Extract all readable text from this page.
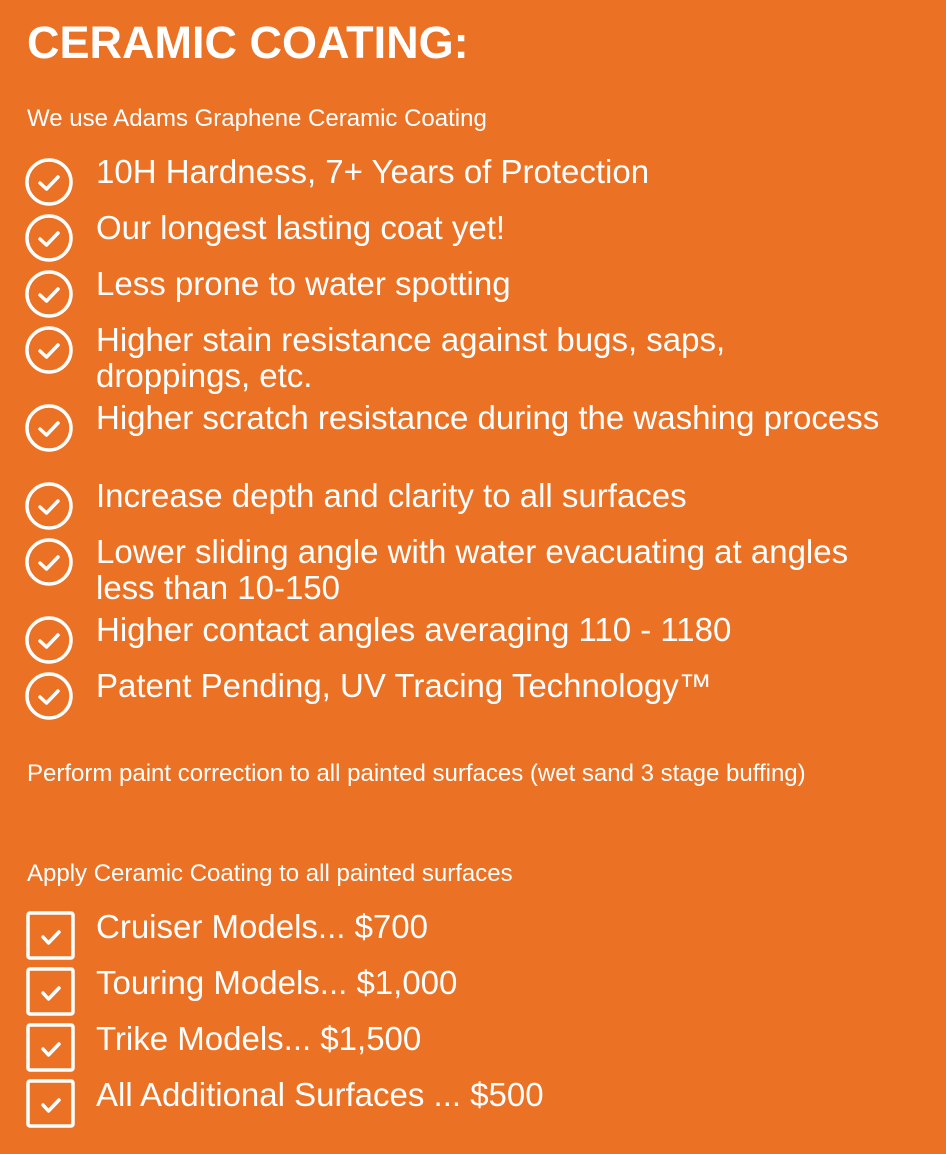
CERAMIC COATING:

We use Adams Graphene Ceramic Coating

10H Hardness, 7+ Years of Protection
Our longest lasting coat yet!
Less prone to water spotting
Higher stain resistance against bugs, saps, droppings, etc.
Higher scratch resistance during the washing process
Increase depth and clarity to all surfaces
Lower sliding angle with water evacuating at angles less than 10-150
Higher contact angles averaging 110 - 1180
Patent Pending, UV Tracing Technology™

Perform paint correction to all painted surfaces (wet sand 3 stage buffing)

Apply Ceramic Coating to all painted surfaces

Cruiser Models... $700
Touring Models... $1,000
Trike Models... $1,500
All Additional Surfaces ... $500
